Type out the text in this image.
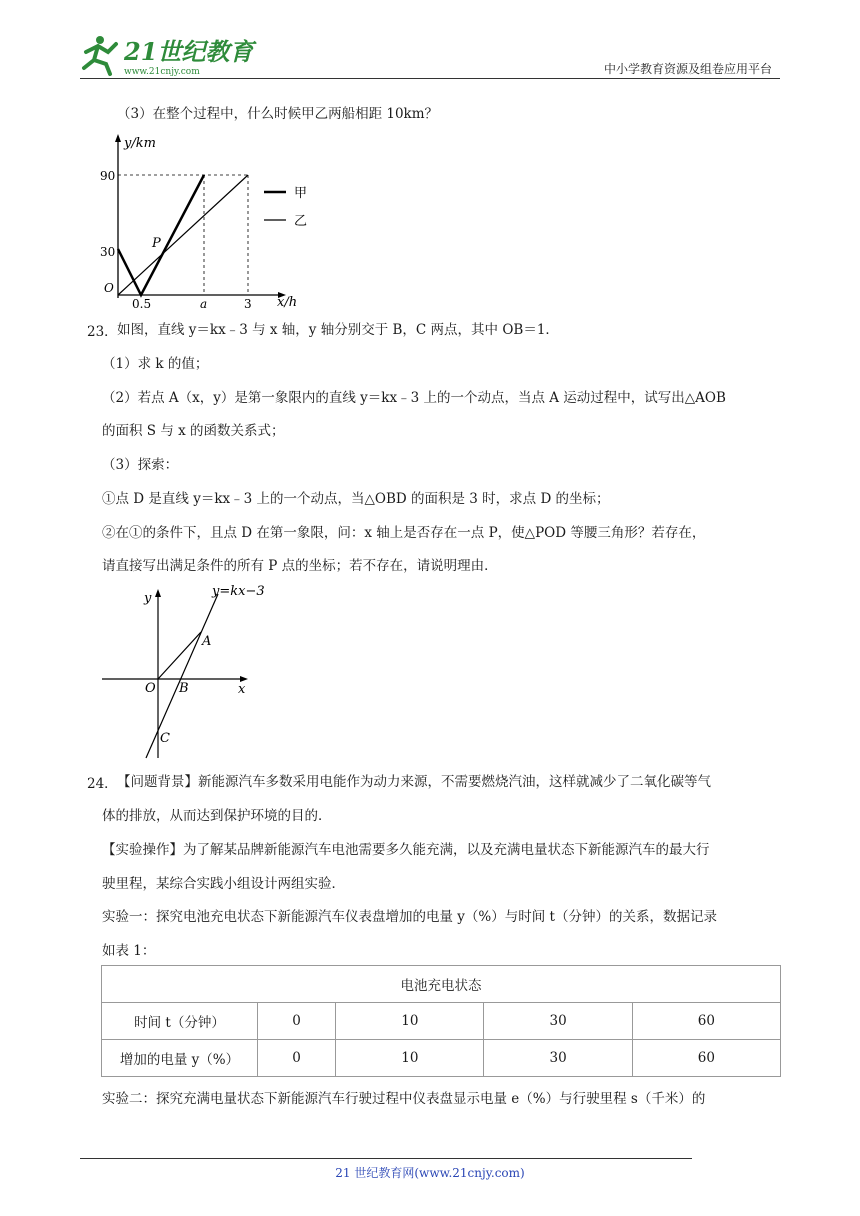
21世纪教育
www.21cnjy.com	中小学教育资源及组卷应用平台
（3）在整个过程中，什么时候甲乙两船相距 10km？
甲
乙
y/km
x/h
90
30
O
0.5	a	3
P
23． 如图，直线 y＝kx﹣3 与 x 轴，y 轴分别交于 B，C 两点，其中 OB＝1．
（1）求 k 的值；
（2）若点 A（x，y）是第一象限内的直线 y＝kx﹣3 上的一个动点，当点 A 运动过程中，试写出△AOB
的面积 S 与 x 的函数关系式；
（3）探索：
①点 D 是直线 y＝kx﹣3 上的一个动点，当△OBD 的面积是 3 时，求点 D 的坐标；
②在①的条件下，且点 D 在第一象限，问：x 轴上是否存在一点 P，使△POD 等腰三角形？若存在，
请直接写出满足条件的所有 P 点的坐标；若不存在，请说明理由．
y=kx−3
y
x
O
A
B
C
24． 【问题背景】新能源汽车多数采用电能作为动力来源，不需要燃烧汽油，这样就减少了二氧化碳等气
体的排放，从而达到保护环境的目的．
【实验操作】为了解某品牌新能源汽车电池需要多久能充满，以及充满电量状态下新能源汽车的最大行
驶里程，某综合实践小组设计两组实验．
实验一：探究电池充电状态下新能源汽车仪表盘增加的电量 y（%）与时间 t（分钟）的关系，数据记录
如表 1：
电池充电状态				
时间 t（分钟）	0	10	30	60
增加的电量 y（%）	0	10	30	60
实验二：探究充满电量状态下新能源汽车行驶过程中仪表盘显示电量 e（%）与行驶里程 s（千米）的
21 世纪教育网(www.21cnjy.com)
